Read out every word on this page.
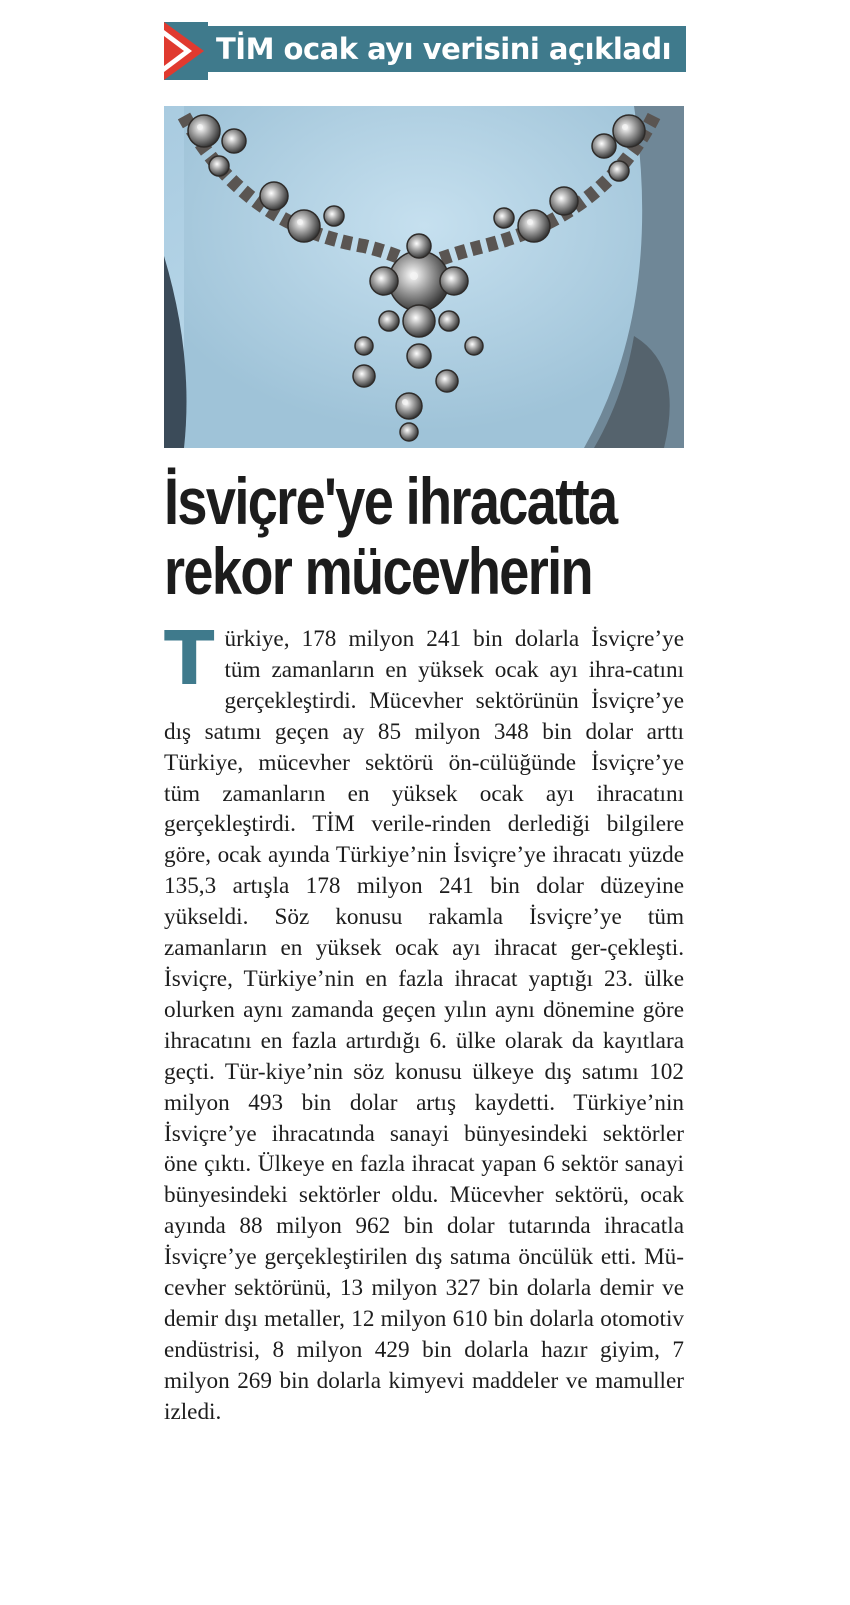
TİM ocak ayı verisini açıkladı
İsviçre'ye ihracatta
rekor mücevherin
T ürkiye, 178 milyon 241 bin dolarla İsviçre’ye tüm zamanların en yüksek ocak ayı ihra-catını gerçekleştirdi. Mücevher sektörünün İsviçre’ye dış satımı geçen ay 85 milyon 348 bin dolar arttı Türkiye, mücevher sektörü ön-cülüğünde İsviçre’ye tüm zamanların en yüksek ocak ayı ihracatını gerçekleştirdi. TİM verile-rinden derlediği bilgilere göre, ocak ayında Türkiye’nin İsviçre’ye ihracatı yüzde 135,3 artışla 178 milyon 241 bin dolar düzeyine yükseldi. Söz konusu rakamla İsviçre’ye tüm zamanların en yüksek ocak ayı ihracat ger-çekleşti. İsviçre, Türkiye’nin en fazla ihracat yaptığı 23. ülke olurken aynı zamanda geçen yılın aynı dönemine göre ihracatını en fazla artırdığı 6. ülke olarak da kayıtlara geçti. Tür-kiye’nin söz konusu ülkeye dış satımı 102 milyon 493 bin dolar artış kaydetti. Türkiye’nin İsviçre’ye ihracatında sanayi bünyesindeki sektörler öne çıktı. Ülkeye en fazla ihracat yapan 6 sektör sanayi bünyesindeki sektörler oldu. Mücevher sektörü, ocak ayında 88 milyon 962 bin dolar tutarında ihracatla İsviçre’ye gerçekleştirilen dış satıma öncülük etti. Mü-cevher sektörünü, 13 milyon 327 bin dolarla demir ve demir dışı metaller, 12 milyon 610 bin dolarla otomotiv endüstrisi, 8 milyon 429 bin dolarla hazır giyim, 7 milyon 269 bin dolarla kimyevi maddeler ve mamuller izledi.
